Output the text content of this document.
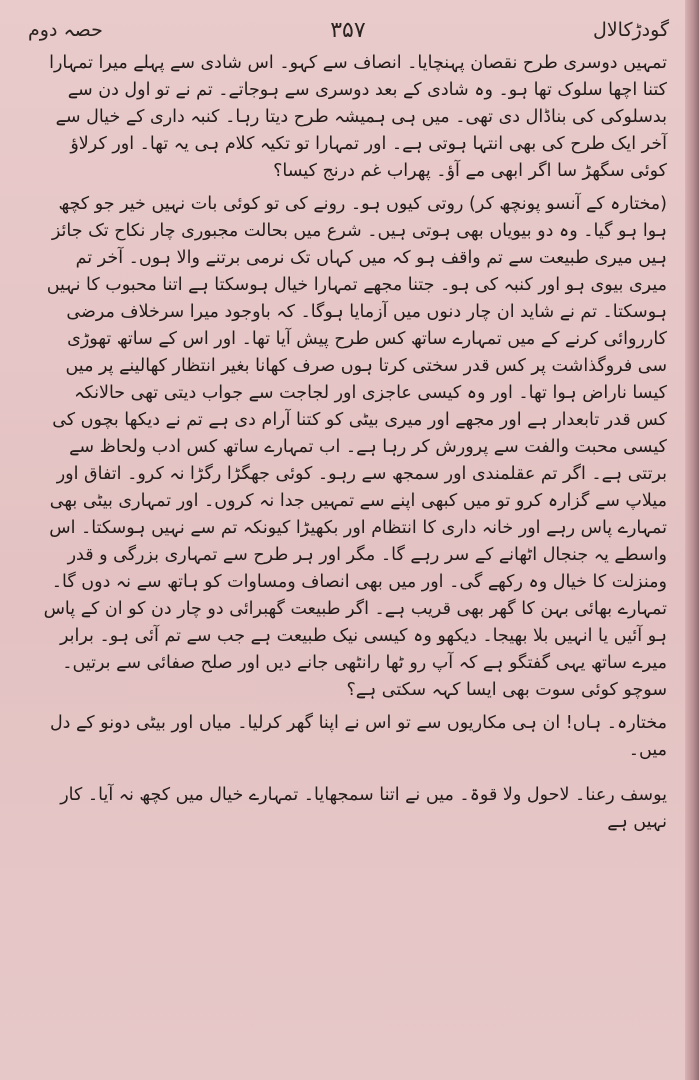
گودڑکالال
۳۵۷
حصہ دوم

تمہیں دوسری طرح نقصان پہنچایا۔ انصاف سے کہو۔ اس شادی سے پہلے میرا تمہارا کتنا اچھا سلوک تھا ہو۔ وہ شادی کے بعد دوسری سے ہوجاتے۔ تم نے تو اول دن سے بدسلوکی کی بناڈال دی تھی۔ میں ہی ہمیشہ طرح دیتا رہا۔ کنبہ داری کے خیال سے آخر ایک طرح کی بھی انتہا ہوتی ہے۔ اور تمہارا تو تکیہ کلام ہی یہ تھا۔ اور کرلاؤ کوئی سگھڑ سا اگر ابھی مے آؤ۔ پھراب غم درنج کیسا؟

(مختارہ کے آنسو پونچھ کر) روتی کیوں ہو۔ رونے کی تو کوئی بات نہیں خیر جو کچھ ہوا ہو گیا۔ وہ دو بیویاں بھی ہوتی ہیں۔ شرع میں بحالت مجبوری چار نکاح تک جائز ہیں میری طبیعت سے تم واقف ہو کہ میں کہاں تک نرمی برتنے والا ہوں۔ آخر تم میری بیوی ہو اور کنبہ کی ہو۔ جتنا مجھے تمہارا خیال ہوسکتا ہے اتنا محبوب کا نہیں ہوسکتا۔ تم نے شاید ان چار دنوں میں آزمایا ہوگا۔ کہ باوجود میرا سرخلاف مرضی کارروائی کرنے کے میں تمہارے ساتھ کس طرح پیش آیا تھا۔ اور اس کے ساتھ تھوڑی سی فروگذاشت پر کس قدر سختی کرتا ہوں صرف کھانا بغیر انتظار کھالینے پر میں کیسا ناراض ہوا تھا۔ اور وہ کیسی عاجزی اور لجاجت سے جواب دیتی تھی حالانکہ کس قدر تابعدار ہے اور مجھے اور میری بیٹی کو کتنا آرام دی ہے تم نے دیکھا بچوں کی کیسی محبت والفت سے پرورش کر رہا ہے۔ اب تمہارے ساتھ کس ادب ولحاظ سے برتتی ہے۔ اگر تم عقلمندی اور سمجھ سے رہو۔ کوئی جھگڑا رگڑا نہ کرو۔ اتفاق اور میلاپ سے گزارہ کرو تو میں کبھی اپنے سے تمہیں جدا نہ کروں۔ اور تمہاری بیٹی بھی تمہارے پاس رہے اور خانہ داری کا انتظام اور بکھیڑا کیونکہ تم سے نہیں ہوسکتا۔ اس واسطے یہ جنجال اٹھانے کے سر رہے گا۔ مگر اور ہر طرح سے تمہاری بزرگی و قدر ومنزلت کا خیال وہ رکھے گی۔ اور میں بھی انصاف ومساوات کو ہاتھ سے نہ دوں گا۔ تمہارے بھائی بہن کا گھر بھی قریب ہے۔ اگر طبیعت گھبرائی دو چار دن کو ان کے پاس ہو آئیں یا انہیں بلا بھیجا۔ دیکھو وہ کیسی نیک طبیعت ہے جب سے تم آئی ہو۔ برابر میرے ساتھ یہی گفتگو ہے کہ آپ رو ٹھا رانٹھی جانے دیں اور صلح صفائی سے برتیں۔ سوچو کوئی سوت بھی ایسا کہہ سکتی ہے؟

مختارہ۔ ہاں! ان ہی مکاریوں سے تو اس نے اپنا گھر کرلیا۔ میاں اور بیٹی دونو کے دل میں۔

یوسف رعنا۔ لاحول ولا قوۃ۔ میں نے اتنا سمجھایا۔ تمہارے خیال میں کچھ نہ آیا۔ کار نہیں ہے
